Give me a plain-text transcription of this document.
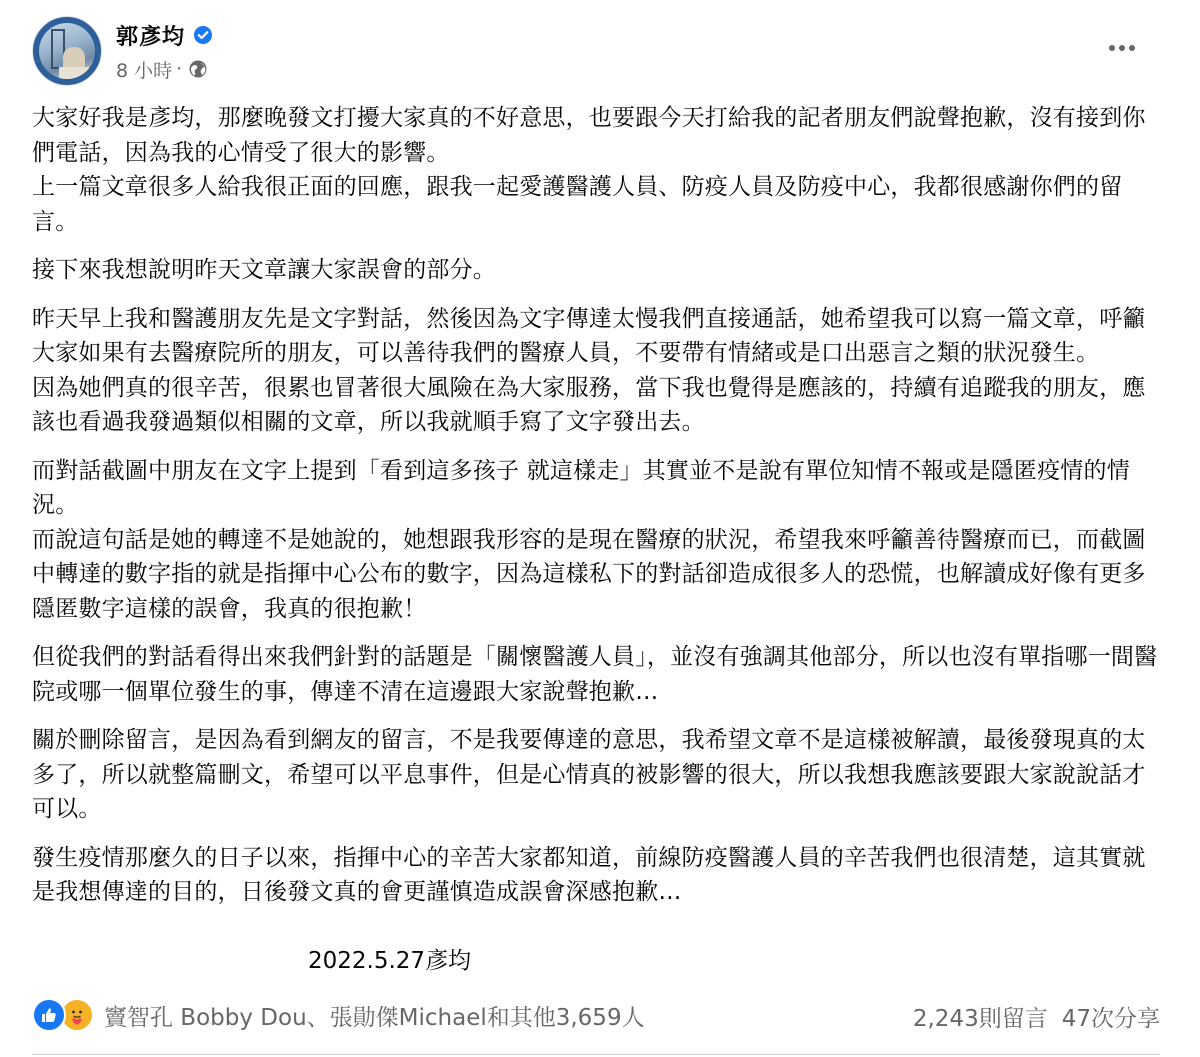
郭彥均
8 小時 ·

大家好我是彥均，那麼晚發文打擾大家真的不好意思，也要跟今天打給我的記者朋友們說聲抱歉，沒有接到你們電話，因為我的心情受了很大的影響。
上一篇文章很多人給我很正面的回應，跟我一起愛護醫護人員、防疫人員及防疫中心，我都很感謝你們的留言。

接下來我想說明昨天文章讓大家誤會的部分。

昨天早上我和醫護朋友先是文字對話，然後因為文字傳達太慢我們直接通話，她希望我可以寫一篇文章，呼籲大家如果有去醫療院所的朋友，可以善待我們的醫療人員，不要帶有情緒或是口出惡言之類的狀況發生。
因為她們真的很辛苦，很累也冒著很大風險在為大家服務，當下我也覺得是應該的，持續有追蹤我的朋友，應該也看過我發過類似相關的文章，所以我就順手寫了文字發出去。

而對話截圖中朋友在文字上提到「看到這多孩子 就這樣走」其實並不是說有單位知情不報或是隱匿疫情的情況。
而說這句話是她的轉達不是她說的，她想跟我形容的是現在醫療的狀況，希望我來呼籲善待醫療而已，而截圖中轉達的數字指的就是指揮中心公布的數字，因為這樣私下的對話卻造成很多人的恐慌，也解讀成好像有更多隱匿數字這樣的誤會，我真的很抱歉！

但從我們的對話看得出來我們針對的話題是「關懷醫護人員」，並沒有強調其他部分，所以也沒有單指哪一間醫院或哪一個單位發生的事，傳達不清在這邊跟大家說聲抱歉…

關於刪除留言，是因為看到網友的留言，不是我要傳達的意思，我希望文章不是這樣被解讀，最後發現真的太多了，所以就整篇刪文，希望可以平息事件，但是心情真的被影響的很大，所以我想我應該要跟大家說說話才可以。

發生疫情那麼久的日子以來，指揮中心的辛苦大家都知道，前線防疫醫護人員的辛苦我們也很清楚，這其實就是我想傳達的目的，日後發文真的會更謹慎造成誤會深感抱歉…

2022.5.27彥均
竇智孔 Bobby Dou、張勛傑Michael和其他3,659人	2,243則留言 47次分享
